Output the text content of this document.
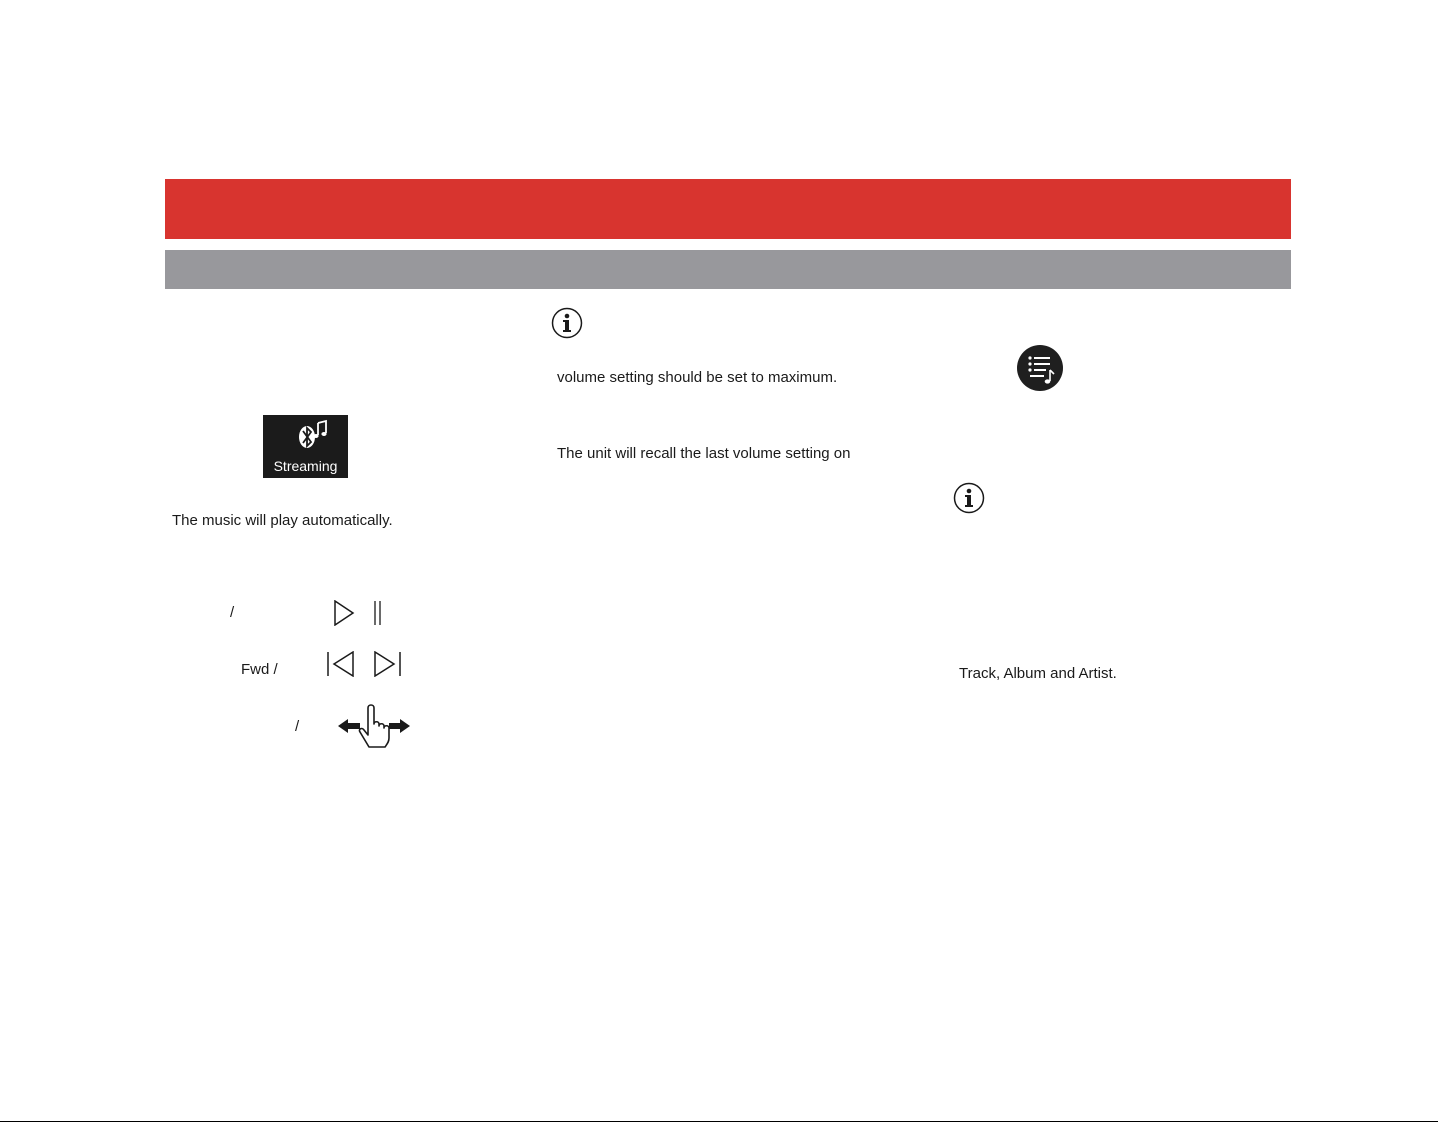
Streaming
The music will play automatically.
/
Fwd /
/
volume setting should be set to maximum.
The unit will recall the last volume setting on
Track, Album and Artist.
